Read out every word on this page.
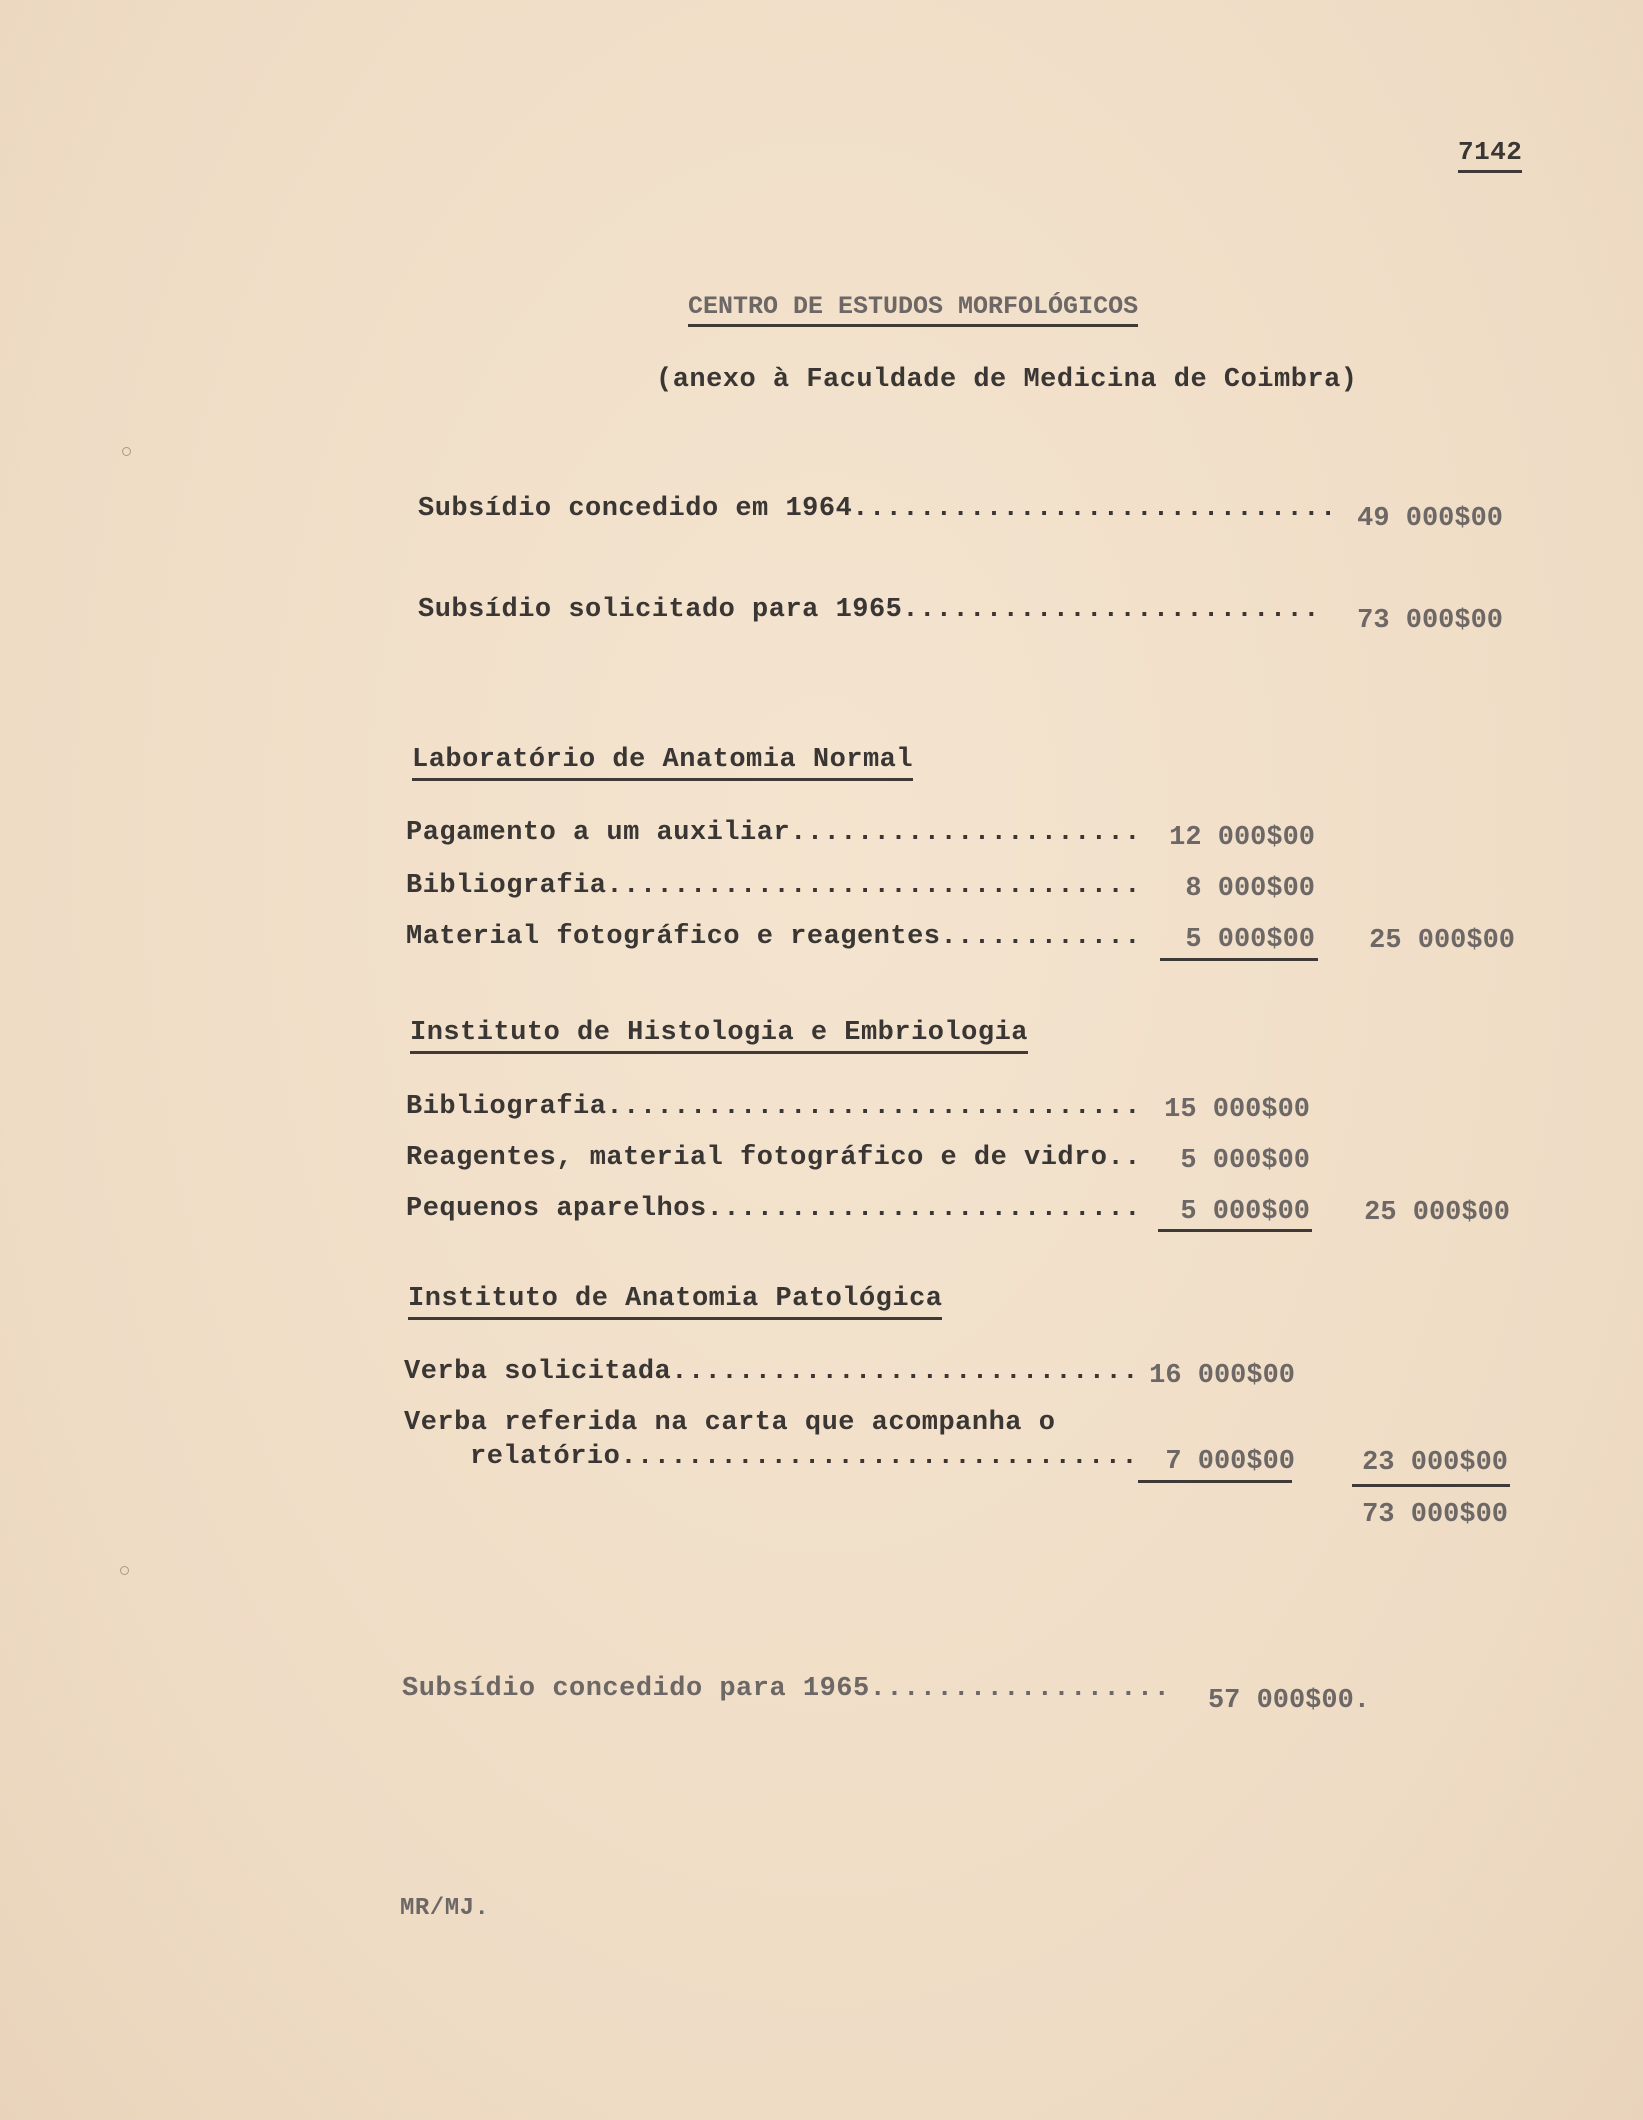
7142
CENTRO DE ESTUDOS MORFOLÓGICOS
(anexo à Faculdade de Medicina de Coimbra)
Subsídio concedido em 1964............................. 49 000$00
Subsídio solicitado para 1965.........................	73 000$00
Laboratório de Anatomia Normal
Pagamento a um auxiliar.....................	12 000$00
Bibliografia................................	8 000$00
Material fotográfico e reagentes............	5 000$00	25 000$00
Instituto de Histologia e Embriologia
Bibliografia................................ 15 000$00
Reagentes, material fotográfico e de vidro..	5 000$00
Pequenos aparelhos..........................	5 000$00	25 000$00
Instituto de Anatomia Patológica
Verba solicitada............................ 16 000$00
Verba referida na carta que acompanha o
relatório...............................	7 000$00	23 000$00
73 000$00
Subsídio concedido para 1965..................	57 000$00.
MR/MJ.
